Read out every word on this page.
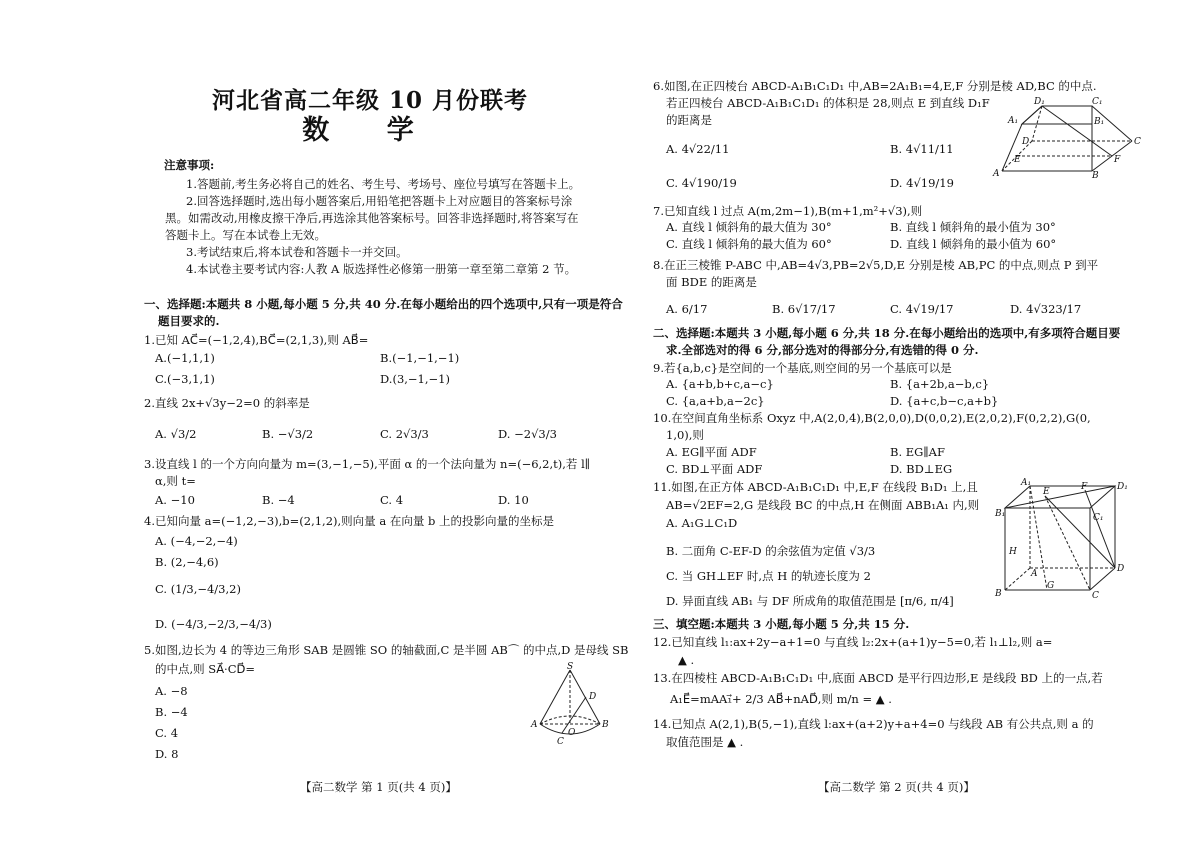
河北省高二年级 10 月份联考
数 学
注意事项:
1.答题前,考生务必将自己的姓名、考生号、考场号、座位号填写在答题卡上。
2.回答选择题时,选出每小题答案后,用铅笔把答题卡上对应题目的答案标号涂
黑。如需改动,用橡皮擦干净后,再选涂其他答案标号。回答非选择题时,将答案写在
答题卡上。写在本试卷上无效。
3.考试结束后,将本试卷和答题卡一并交回。
4.本试卷主要考试内容:人教 A 版选择性必修第一册第一章至第二章第 2 节。
一、选择题:本题共 8 小题,每小题 5 分,共 40 分.在每小题给出的四个选项中,只有一项是符合
题目要求的.
1.已知 AC⃗=(−1,2,4),BC⃗=(2,1,3),则 AB⃗=
A.(−1,1,1)	B.(−1,−1,−1)
C.(−3,1,1)	D.(3,−1,−1)
2.直线 2x+√3y−2=0 的斜率是
A. √3/2	B. −√3/2	C. 2√3/3	D. −2√3/3
3.设直线 l 的一个方向向量为 m=(3,−1,−5),平面 α 的一个法向量为 n=(−6,2,t),若 l∥
α,则 t=
A. −10	B. −4	C. 4	D. 10
4.已知向量 a=(−1,2,−3),b=(2,1,2),则向量 a 在向量 b 上的投影向量的坐标是
A. (−4,−2,−4)
B. (2,−4,6)
C. (1/3,−4/3,2)
D. (−4/3,−2/3,−4/3)
5.如图,边长为 4 的等边三角形 SAB 是圆锥 SO 的轴截面,C 是半圆 AB⌒ 的中点,D 是母线 SB
的中点,则 SA⃗·CD⃗=
A. −8
B. −4
C. 4
D. 8
S
D
A
O
B
C
【高二数学 第 1 页(共 4 页)】
6.如图,在正四棱台 ABCD-A₁B₁C₁D₁ 中,AB=2A₁B₁=4,E,F 分别是棱 AD,BC 的中点.
若正四棱台 ABCD-A₁B₁C₁D₁ 的体积是 28,则点 E 到直线 D₁F
的距离是
A. 4√22/11	B. 4√11/11
C. 4√190/19	D. 4√19/19
D₁	C₁
A₁	B₁
D	C
E	F
A	B
7.已知直线 l 过点 A(m,2m−1),B(m+1,m²+√3),则
A. 直线 l 倾斜角的最大值为 30°	B. 直线 l 倾斜角的最小值为 30°
C. 直线 l 倾斜角的最大值为 60°	D. 直线 l 倾斜角的最小值为 60°
8.在正三棱锥 P-ABC 中,AB=4√3,PB=2√5,D,E 分别是棱 AB,PC 的中点,则点 P 到平
面 BDE 的距离是
A. 6/17	B. 6√17/17	C. 4√19/17	D. 4√323/17
二、选择题:本题共 3 小题,每小题 6 分,共 18 分.在每小题给出的选项中,有多项符合题目要
求.全部选对的得 6 分,部分选对的得部分分,有选错的得 0 分.
9.若{a,b,c}是空间的一个基底,则空间的另一个基底可以是
A. {a+b,b+c,a−c}	B. {a+2b,a−b,c}
C. {a,a+b,a−2c}	D. {a+c,b−c,a+b}
10.在空间直角坐标系 Oxyz 中,A(2,0,4),B(2,0,0),D(0,0,2),E(2,0,2),F(0,2,2),G(0,
1,0),则
A. EG∥平面 ADF	B. EG∥AF
C. BD⊥平面 ADF	D. BD⊥EG
11.如图,在正方体 ABCD-A₁B₁C₁D₁ 中,E,F 在线段 B₁D₁ 上,且
AB=√2EF=2,G 是线段 BC 的中点,H 在侧面 ABB₁A₁ 内,则
A. A₁G⊥C₁D
B. 二面角 C-EF-D 的余弦值为定值 √3/3
C. 当 GH⊥EF 时,点 H 的轨迹长度为 2
D. 异面直线 AB₁ 与 DF 所成角的取值范围是 [π/6, π/4]
A₁
E	F	D₁
B₁	C₁
H
A	D
B
G
C
三、填空题:本题共 3 小题,每小题 5 分,共 15 分.
12.已知直线 l₁:ax+2y−a+1=0 与直线 l₂:2x+(a+1)y−5=0,若 l₁⊥l₂,则 a=
▲ .
13.在四棱柱 ABCD-A₁B₁C₁D₁ 中,底面 ABCD 是平行四边形,E 是线段 BD 上的一点,若
A₁E⃗=mAA₁⃗+ 2/3 AB⃗+nAD⃗,则 m/n = ▲ .
14.已知点 A(2,1),B(5,−1),直线 l:ax+(a+2)y+a+4=0 与线段 AB 有公共点,则 a 的
取值范围是 ▲ .
【高二数学 第 2 页(共 4 页)】
